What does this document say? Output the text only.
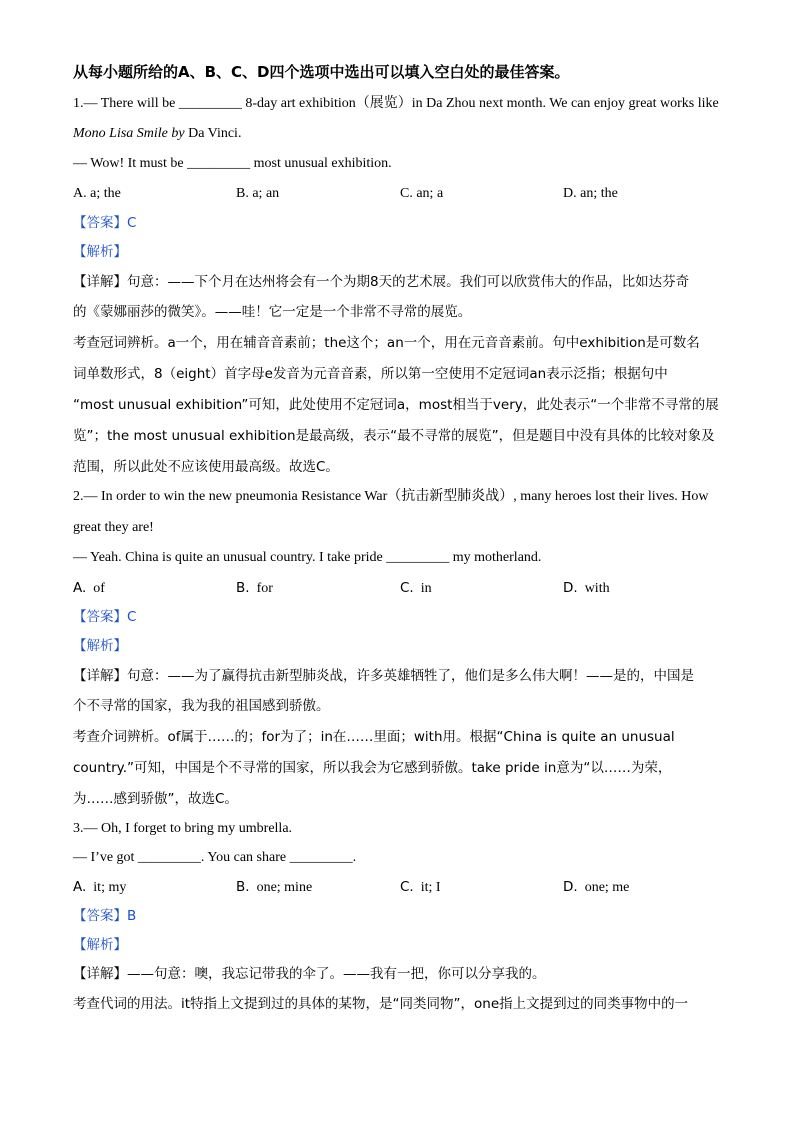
从每小题所给的A、B、C、D四个选项中选出可以填入空白处的最佳答案。
1.— There will be _________ 8-day art exhibition（展览）in Da Zhou next month. We can enjoy great works like
Mono Lisa Smile by Da Vinci.
— Wow! It must be _________ most unusual exhibition.
A. a; the	B. a; an	C. an; a	D. an; the
【答案】C
【解析】
【详解】句意：——下个月在达州将会有一个为期8天的艺术展。我们可以欣赏伟大的作品，比如达芬奇
的《蒙娜丽莎的微笑》。——哇！它一定是一个非常不寻常的展览。
考查冠词辨析。a一个，用在辅音音素前；the这个；an一个，用在元音音素前。句中exhibition是可数名
词单数形式，8（eight）首字母e发音为元音音素，所以第一空使用不定冠词an表示泛指；根据句中
“most unusual exhibition”可知，此处使用不定冠词a，most相当于very，此处表示“一个非常不寻常的展
览”；the most unusual exhibition是最高级，表示“最不寻常的展览”，但是题目中没有具体的比较对象及
范围，所以此处不应该使用最高级。故选C。
2.— In order to win the new pneumonia Resistance War（抗击新型肺炎战）, many heroes lost their lives. How
great they are!
— Yeah. China is quite an unusual country. I take pride _________ my motherland.
A. of	B. for	C. in	D. with
【答案】C
【解析】
【详解】句意：——为了赢得抗击新型肺炎战，许多英雄牺牲了，他们是多么伟大啊！——是的，中国是
个不寻常的国家，我为我的祖国感到骄傲。
考查介词辨析。of属于……的；for为了；in在……里面；with用。根据“China is quite an unusual
country.”可知，中国是个不寻常的国家，所以我会为它感到骄傲。take pride in意为“以……为荣，
为……感到骄傲”，故选C。
3.— Oh, I forget to bring my umbrella.
— I’ve got _________. You can share _________.
A. it; my	B. one; mine	C. it; I	D. one; me
【答案】B
【解析】
【详解】——句意：噢，我忘记带我的伞了。——我有一把，你可以分享我的。
考查代词的用法。it特指上文提到过的具体的某物，是“同类同物”，one指上文提到过的同类事物中的一
